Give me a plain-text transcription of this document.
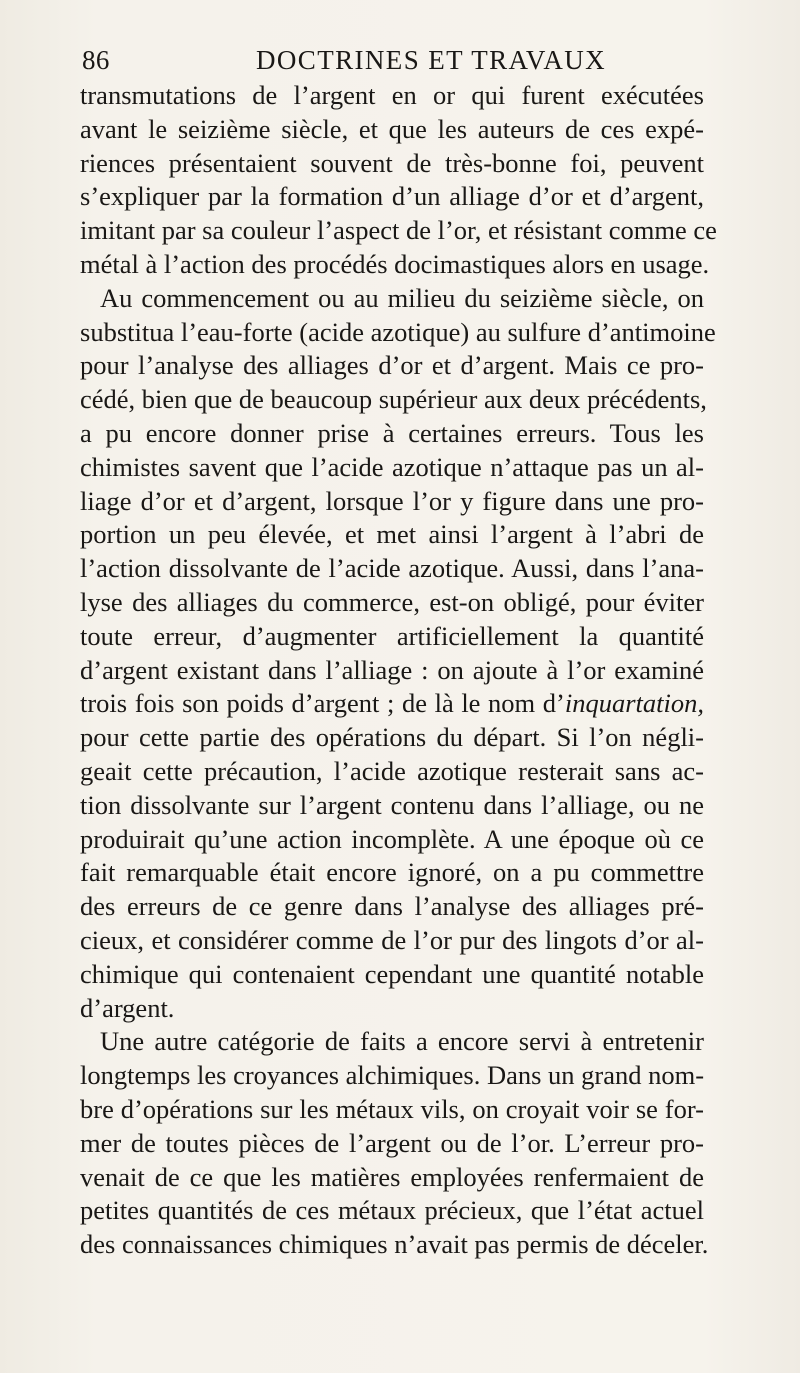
86	DOCTRINES ET TRAVAUX
transmutations de l’argent en or qui furent exécutées
avant le seizième siècle, et que les auteurs de ces expé-
riences présentaient souvent de très-bonne foi, peuvent
s’expliquer par la formation d’un alliage d’or et d’argent,
imitant par sa couleur l’aspect de l’or, et résistant comme ce
métal à l’action des procédés docimastiques alors en usage.
Au commencement ou au milieu du seizième siècle, on
substitua l’eau-forte (acide azotique) au sulfure d’antimoine
pour l’analyse des alliages d’or et d’argent. Mais ce pro-
cédé, bien que de beaucoup supérieur aux deux précédents,
a pu encore donner prise à certaines erreurs. Tous les
chimistes savent que l’acide azotique n’attaque pas un al-
liage d’or et d’argent, lorsque l’or y figure dans une pro-
portion un peu élevée, et met ainsi l’argent à l’abri de
l’action dissolvante de l’acide azotique. Aussi, dans l’ana-
lyse des alliages du commerce, est-on obligé, pour éviter
toute erreur, d’augmenter artificiellement la quantité
d’argent existant dans l’alliage : on ajoute à l’or examiné
trois fois son poids d’argent ; de là le nom d’inquartation,
pour cette partie des opérations du départ. Si l’on négli-
geait cette précaution, l’acide azotique resterait sans ac-
tion dissolvante sur l’argent contenu dans l’alliage, ou ne
produirait qu’une action incomplète. A une époque où ce
fait remarquable était encore ignoré, on a pu commettre
des erreurs de ce genre dans l’analyse des alliages pré-
cieux, et considérer comme de l’or pur des lingots d’or al-
chimique qui contenaient cependant une quantité notable
d’argent.
Une autre catégorie de faits a encore servi à entretenir
longtemps les croyances alchimiques. Dans un grand nom-
bre d’opérations sur les métaux vils, on croyait voir se for-
mer de toutes pièces de l’argent ou de l’or. L’erreur pro-
venait de ce que les matières employées renfermaient de
petites quantités de ces métaux précieux, que l’état actuel
des connaissances chimiques n’avait pas permis de déceler.
